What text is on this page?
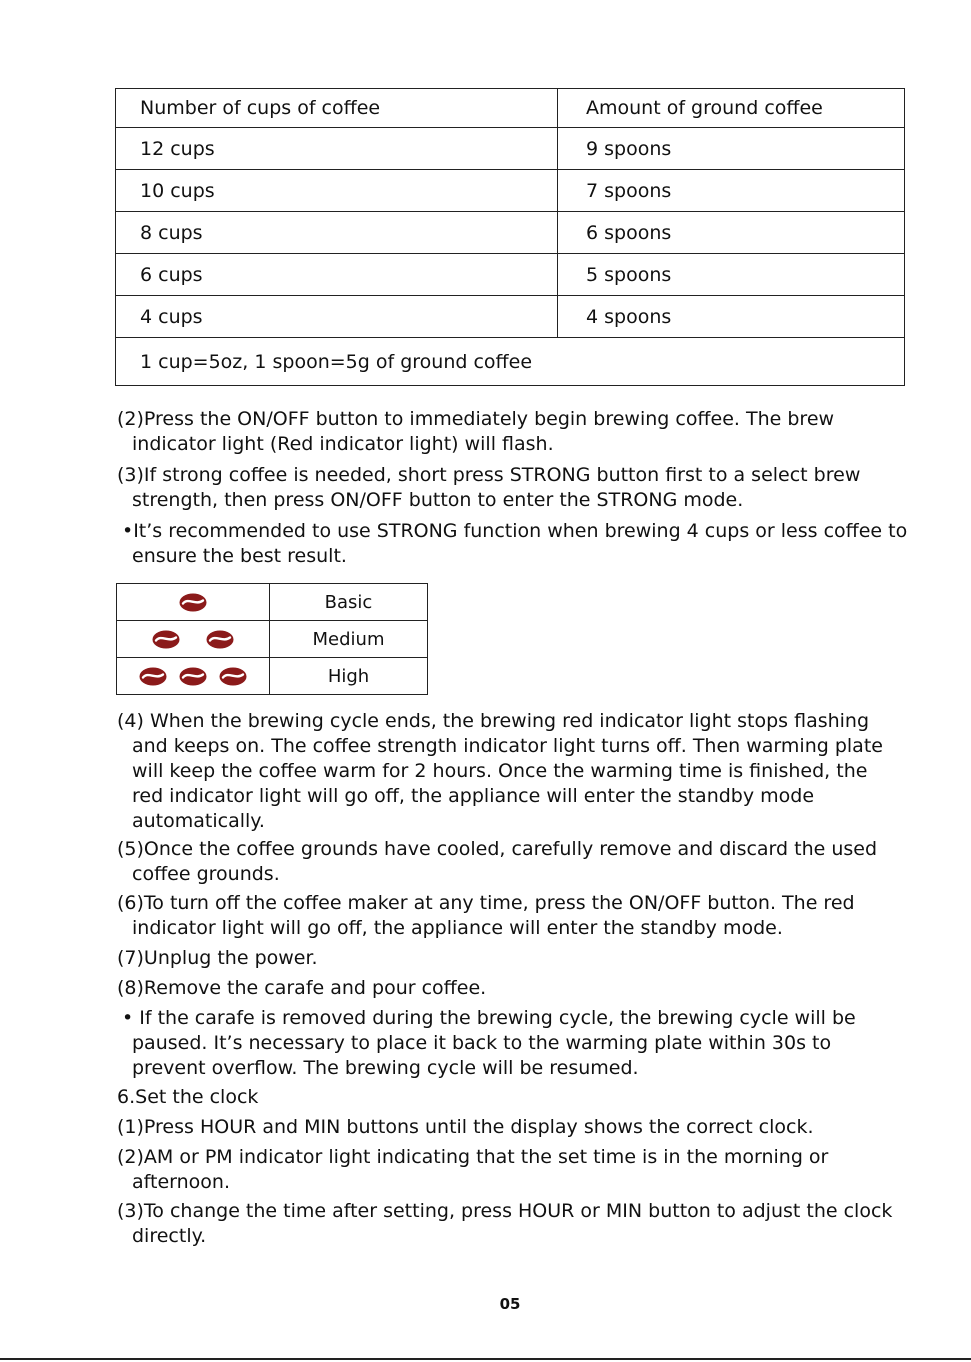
Number of cups of coffee	Amount of ground coffee
12 cups	9 spoons
10 cups	7 spoons
8 cups	6 spoons
6 cups	5 spoons
4 cups	4 spoons
1 cup=5oz, 1 spoon=5g of ground coffee	

(2)Press the ON/OFF button to immediately begin brewing coffee. The brew
indicator light (Red indicator light) will flash.

(3)If strong coffee is needed, short press STRONG button first to a select brew
strength, then press ON/OFF button to enter the STRONG mode.

•It’s recommended to use STRONG function when brewing 4 cups or less coffee to
ensure the best result.

	Basic

	Medium

	High

(4) When the brewing cycle ends, the brewing red indicator light stops flashing
and keeps on. The coffee strength indicator light turns off. Then warming plate
will keep the coffee warm for 2 hours. Once the warming time is finished, the
red indicator light will go off, the appliance will enter the standby mode
automatically.

(5)Once the coffee grounds have cooled, carefully remove and discard the used
coffee grounds.

(6)To turn off the coffee maker at any time, press the ON/OFF button. The red
indicator light will go off, the appliance will enter the standby mode.

(7)Unplug the power.

(8)Remove the carafe and pour coffee.

• If the carafe is removed during the brewing cycle, the brewing cycle will be
paused. It’s necessary to place it back to the warming plate within 30s to
prevent overflow. The brewing cycle will be resumed.

6.Set the clock

(1)Press HOUR and MIN buttons until the display shows the correct clock.

(2)AM or PM indicator light indicating that the set time is in the morning or
afternoon.

(3)To change the time after setting, press HOUR or MIN button to adjust the clock
directly.

05
